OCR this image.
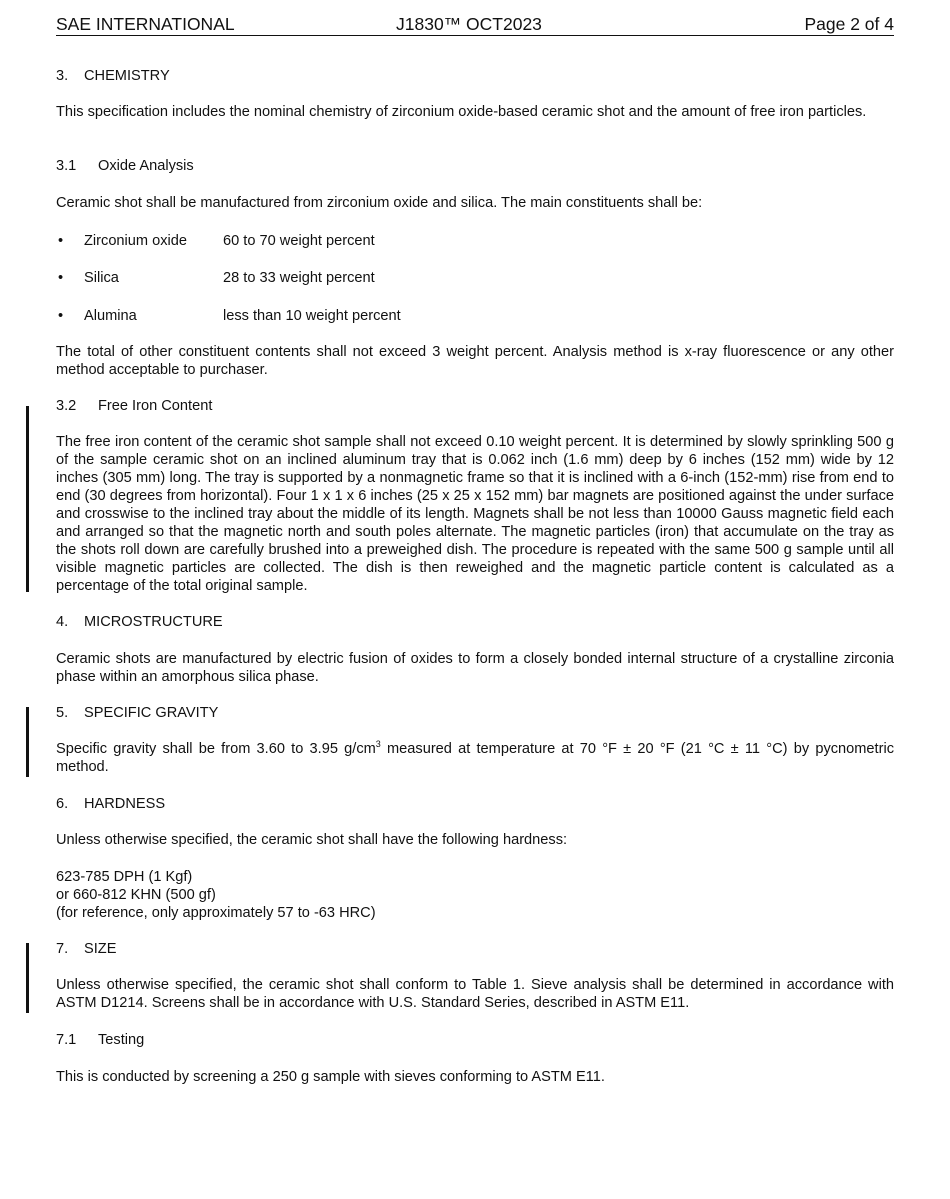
SAE INTERNATIONAL	J1830™ OCT2023	Page 2 of 4
3. CHEMISTRY
This specification includes the nominal chemistry of zirconium oxide-based ceramic shot and the amount of free iron particles.
3.1 Oxide Analysis
Ceramic shot shall be manufactured from zirconium oxide and silica. The main constituents shall be:
• Zirconium oxide 60 to 70 weight percent
• Silica	28 to 33 weight percent
• Alumina	less than 10 weight percent
The total of other constituent contents shall not exceed 3 weight percent. Analysis method is x-ray fluorescence or any other method acceptable to purchaser.
3.2 Free Iron Content
The free iron content of the ceramic shot sample shall not exceed 0.10 weight percent. It is determined by slowly sprinkling 500 g of the sample ceramic shot on an inclined aluminum tray that is 0.062 inch (1.6 mm) deep by 6 inches (152 mm) wide by 12 inches (305 mm) long. The tray is supported by a nonmagnetic frame so that it is inclined with a 6-inch (152-mm) rise from end to end (30 degrees from horizontal). Four 1 x 1 x 6 inches (25 x 25 x 152 mm) bar magnets are positioned against the under surface and crosswise to the inclined tray about the middle of its length. Magnets shall be not less than 10000 Gauss magnetic field each and arranged so that the magnetic north and south poles alternate. The magnetic particles (iron) that accumulate on the tray as the shots roll down are carefully brushed into a preweighed dish. The procedure is repeated with the same 500 g sample until all visible magnetic particles are collected. The dish is then reweighed and the magnetic particle content is calculated as a percentage of the total original sample.
4. MICROSTRUCTURE
Ceramic shots are manufactured by electric fusion of oxides to form a closely bonded internal structure of a crystalline zirconia phase within an amorphous silica phase.
5. SPECIFIC GRAVITY
Specific gravity shall be from 3.60 to 3.95 $g/cm^3$ measured at temperature at 70 °F ± 20 °F (21 °C ± 11 °C) by pycnometric method.
6. HARDNESS
Unless otherwise specified, the ceramic shot shall have the following hardness:
623-785 DPH (1 Kgf)
or 660-812 KHN (500 gf)
(for reference, only approximately 57 to -63 HRC)
7. SIZE
Unless otherwise specified, the ceramic shot shall conform to Table 1. Sieve analysis shall be determined in accordance with ASTM D1214. Screens shall be in accordance with U.S. Standard Series, described in ASTM E11.
7.1 Testing
This is conducted by screening a 250 g sample with sieves conforming to ASTM E11.
